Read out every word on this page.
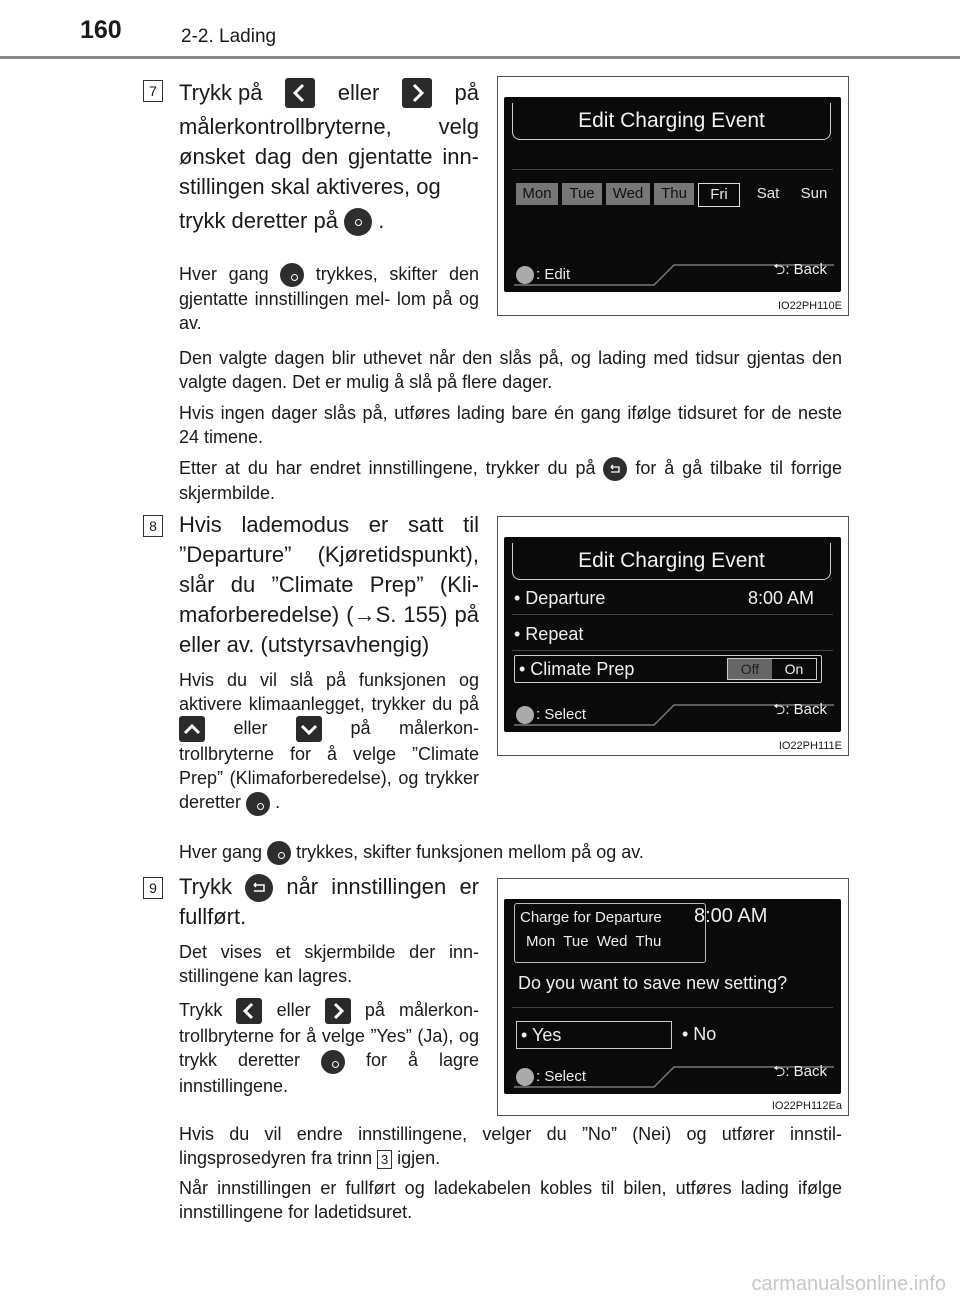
160	2-2. Lading
7 Trykk på	eller	på
målerkontrollbryterne, velg ønsket dag den gjentatte inn- stillingen skal aktiveres, og
trykk deretter på .
Hver gang	trykkes, skifter den gjentatte innstillingen mel- lom på og av.
Edit Charging Event
Mon	Tue	Wed	Thu	Fri	Sat	Sun
: Edit	⮌: Back
IO22PH110E
Den valgte dagen blir uthevet når den slås på, og lading med tidsur gjentas den valgte dagen. Det er mulig å slå på flere dager.
Hvis ingen dager slås på, utføres lading bare én gang ifølge tidsuret for de neste 24 timene.
Etter at du har endret innstillingene, trykker du på for å gå tilbake til forrige skjermbilde.
8 Hvis lademodus er satt til ”Departure” (Kjøretidspunkt), slår du ”Climate Prep” (Kli- maforberedelse) (→S. 155) på eller av. (utstyrsavhengig)
Hvis du vil slå på funksjonen og aktivere klimaanlegget, trykker du på
eller	på målerkon- trollbryterne for å velge ”Climate Prep” (Klimaforberedelse), og trykker deretter .
Edit Charging Event
• Departure	8:00 AM
• Repeat
• Climate Prep	Off On
: Select	⮌: Back
IO22PH111E
Hver gang trykkes, skifter funksjonen mellom på og av.
9 Trykk når innstillingen er fullført.
Det vises et skjermbilde der inn- stillingene kan lagres.
Trykk	eller	på målerkon- trollbryterne for å velge ”Yes” (Ja), og trykk deretter	for å lagre innstillingene.
Charge for Departure 8:00 AM
Mon  Tue  Wed  Thu
Do you want to save new setting?
• Yes	• No
: Select	⮌: Back
IO22PH112Ea
Hvis du vil endre innstillingene, velger du ”No” (Nei) og utfører innstil- lingsprosedyren fra trinn 3 igjen.
Når innstillingen er fullført og ladekabelen kobles til bilen, utføres lading ifølge innstillingene for ladetidsuret.
carmanualsonline.info
